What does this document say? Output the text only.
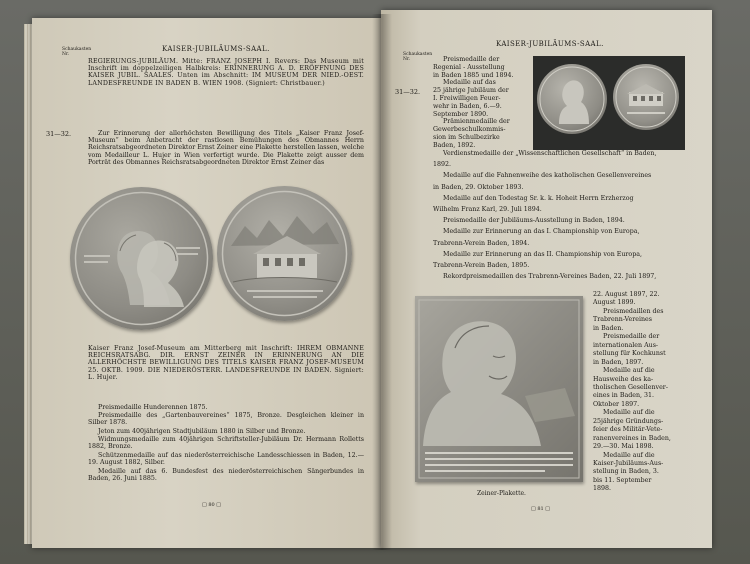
Schaukasten Nr.
KAISER-JUBILÄUMS-SAAL.
REGIERUNGS-JUBILÄUM. Mitte: FRANZ JOSEPH I. Revers: Das Museum mit Inschrift im doppelzeiligen Halbkreis: ERINNERUNG A. D. ERÖFFNUNG DES KAISER JUBIL. SAALES. Unten im Abschnitt: IM MUSEUM DER NIED.-OEST. LANDESFREUNDE IN BADEN B. WIEN 1908. (Signiert: Christbauer.)
31—32.	Zur Erinnerung der allerhöchsten Bewilligung des Titels „Kaiser Franz Josef-Museum“ beim Anbetracht der rastlosen Bemühungen des Obmannes Herrn Reichsratsabgeordneten Direktor Ernst Zeiner eine Plakette herstellen lassen, welche vom Medailleur L. Hujer in Wien verfertigt wurde. Die Plakette zeigt ausser dem Porträt des Obmannes Reichsratsabgeordneten Direktor Ernst Zeiner das
Kaiser Franz Josef-Museum am Mitterberg mit Inschrift: IHREM OBMANNE REICHSRATSABG. DIR. ERNST ZEINER IN ERINNERUNG AN DIE ALLERHÖCHSTE BEWILLIGUNG DES TITELS KAISER FRANZ JOSEF-MUSEUM 25. OKTB. 1909. DIE NIEDERÖSTERR. LANDESFREUNDE IN BADEN. Signiert: L. Hujer.
Preismedaille Hunderennen 1875.
Preismedaille des „Gartenbauvereines“ 1875, Bronze. Desgleichen kleiner in Silber 1878.
Jeton zum 400jährigen Stadtjubiläum 1880 in Silber und Bronze.
Widmungsmedaille zum 40jährigen Schriftsteller-Jubiläum Dr. Hermann Rolletts 1882, Bronze.
Schützenmedaille auf das niederösterreichische Landesschiessen in Baden, 12.—19. August 1882, Silber.
Medaille auf das 6. Bundesfest des niederösterreichischen Sängerbundes in Baden, 26. Juni 1885.
□ 80 □
Schaukasten Nr.
KAISER-JUBILÄUMS-SAAL.
31—32.
Preismedaille der
Regenial - Ausstellung
in Baden 1885 und 1894.
Medaille auf das
25 jährige Jubiläum der
I. Freiwilligen Feuer-
wehr in Baden, 6.—9.
September 1890.
Prämienmedaille der
Gewerbeschulkommis-
sion im Schulbezirke
Baden, 1892.
Verdienstmedaille der „Wissenschaftlichen Gesellschaft“ in Baden,
1892.
Medaille auf die Fahnenweihe des katholischen Gesellenvereines
in Baden, 29. Oktober 1893.
Medaille auf den Todestag Sr. k. k. Hoheit Herrn Erzherzog
Wilhelm Franz Karl, 29. Juli 1894.
Preismedaille der Jubiläums-Ausstellung in Baden, 1894.
Medaille zur Erinnerung an das I. Championship von Europa,
Trabrenn-Verein Baden, 1894.
Medaille zur Erinnerung an das II. Championship von Europa,
Trabrenn-Verein Baden, 1895.
Rekordpreismedaillen des Trabrenn-Vereines Baden, 22. Juli 1897,
Zeiner-Plakette.
22. August 1897, 22.
August 1899.
Preismedaillen des
Trabrenn-Vereines
in Baden.
Preismedaille der
internationalen Aus-
stellung für Kochkunst
in Baden, 1897.
Medaille auf die
Hausweihe des ka-
tholischen Gesellenver-
eines in Baden, 31.
Oktober 1897.
Medaille auf die
25jährige Gründungs-
feier des Militär-Vete-
ranenvereines in Baden,
29.—30. Mai 1898.
Medaille auf die
Kaiser-Jubiläums-Aus-
stellung in Baden, 3.
bis 11. September
1898.
□ 81 □
